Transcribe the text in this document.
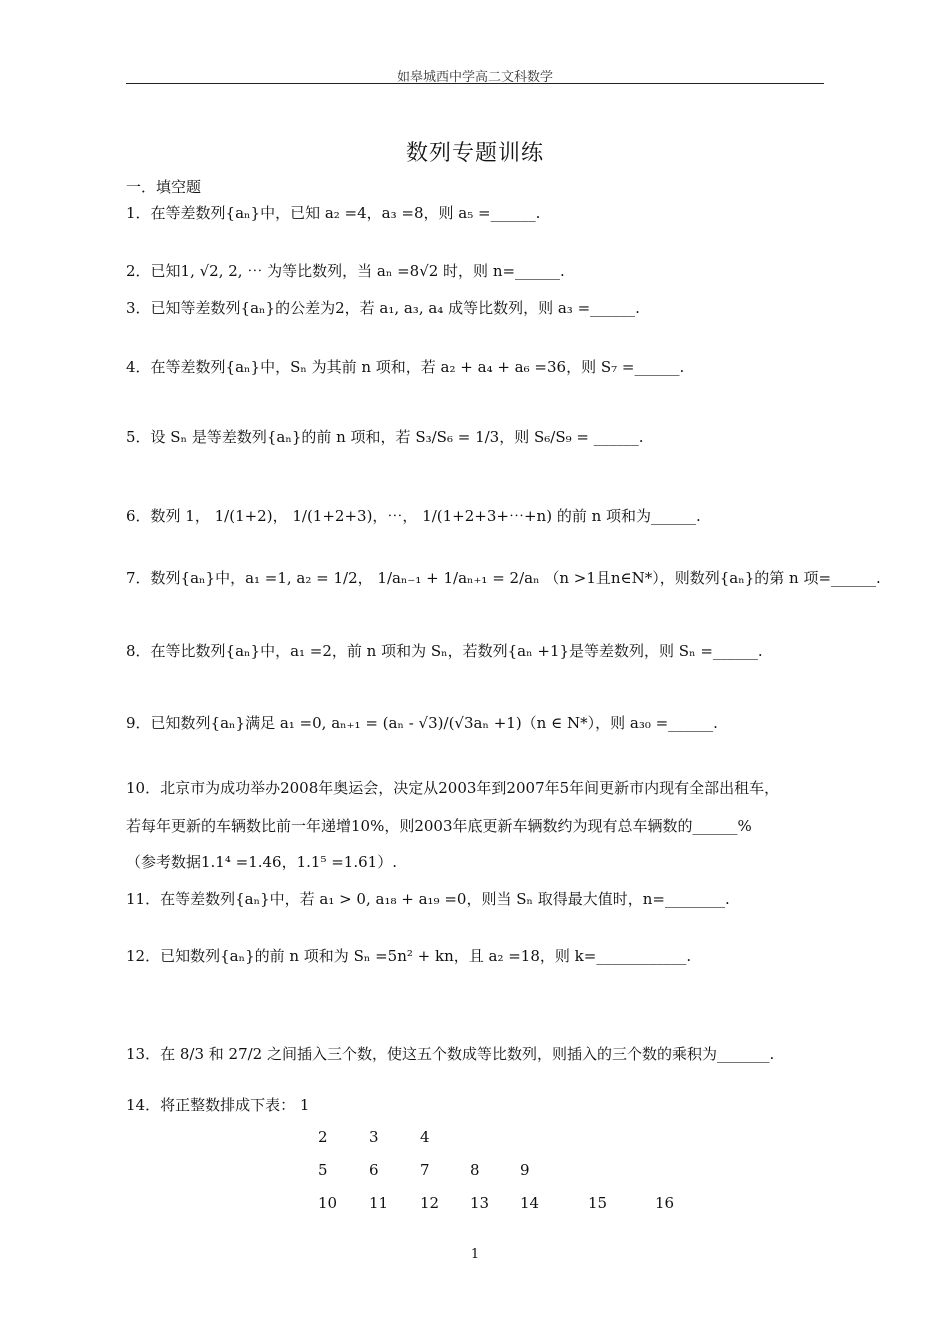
如皋城西中学高二文科数学
数列专题训练
一．填空题
1．在等差数列{aₙ}中，已知 a₂ =4，a₃ =8，则 a₅ =______.
2．已知1, √2, 2, ⋯ 为等比数列，当 aₙ =8√2 时，则 n=______.
3．已知等差数列{aₙ}的公差为2，若 a₁, a₃, a₄ 成等比数列，则 a₃ =______.
4．在等差数列{aₙ}中，Sₙ 为其前 n 项和，若 a₂ + a₄ + a₆ =36，则 S₇ =______.
5．设 Sₙ 是等差数列{aₙ}的前 n 项和，若 S₃/S₆ = 1/3，则 S₆/S₉ = ______.
6．数列 1， 1/(1+2)， 1/(1+2+3)，⋯， 1/(1+2+3+⋯+n) 的前 n 项和为______.
7．数列{aₙ}中，a₁ =1, a₂ = 1/2， 1/aₙ₋₁ + 1/aₙ₊₁ = 2/aₙ （n >1且n∈N*），则数列{aₙ}的第 n 项=______.
8．在等比数列{aₙ}中，a₁ =2，前 n 项和为 Sₙ，若数列{aₙ +1}是等差数列，则 Sₙ =______.
9．已知数列{aₙ}满足 a₁ =0, aₙ₊₁ = (aₙ - √3)/(√3aₙ +1)（n ∈ N*），则 a₃₀ =______.
10．北京市为成功举办2008年奥运会，决定从2003年到2007年5年间更新市内现有全部出租车，
若每年更新的车辆数比前一年递增10%，则2003年底更新车辆数约为现有总车辆数的______%
（参考数据1.1⁴ =1.46，1.1⁵ =1.61）.
11．在等差数列{aₙ}中，若 a₁ > 0, a₁₈ + a₁₉ =0，则当 Sₙ 取得最大值时，n=________.
12．已知数列{aₙ}的前 n 项和为 Sₙ =5n² + kn，且 a₂ =18，则 k=____________.
13．在 8/3 和 27/2 之间插入三个数，使这五个数成等比数列，则插入的三个数的乘积为_______.
14．将正整数排成下表： 1
2	3	4
5	6	7	8	9
10 11 12 13 14	15	16
1
